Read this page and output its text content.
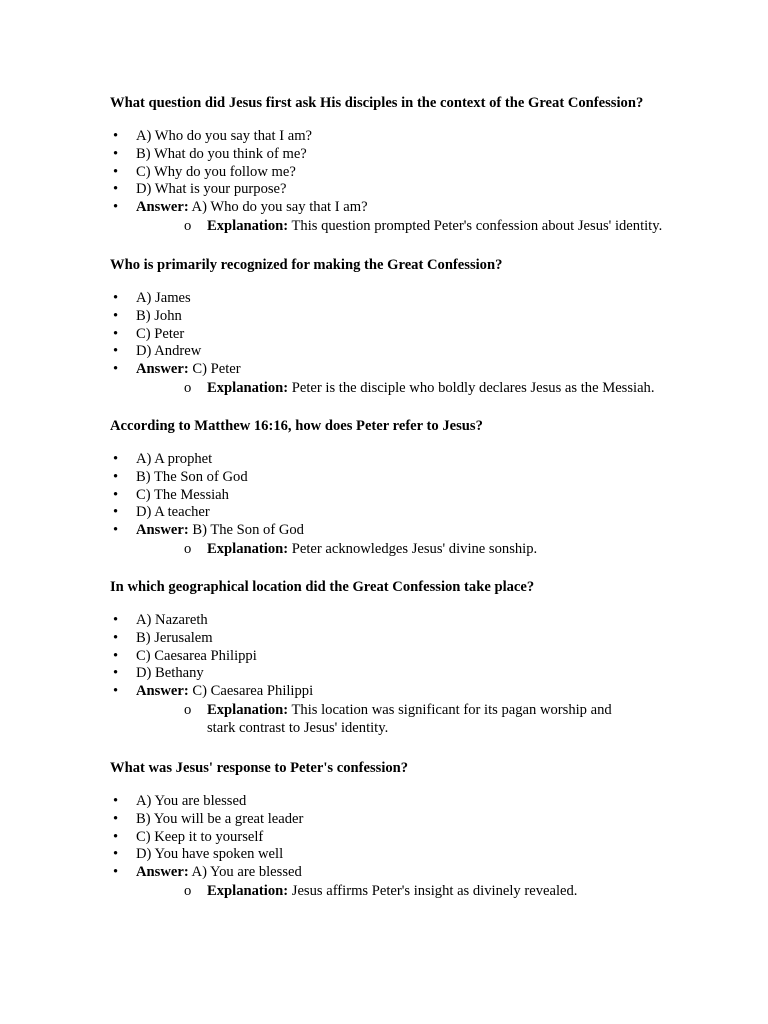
What question did Jesus first ask His disciples in the context of the Great Confession?

• A) Who do you say that I am?
• B) What do you think of me?
• C) Why do you follow me?
• D) What is your purpose?
• Answer: A) Who do you say that I am?
o Explanation: This question prompted Peter's confession about Jesus' identity.

Who is primarily recognized for making the Great Confession?

• A) James
• B) John
• C) Peter
• D) Andrew
• Answer: C) Peter
o Explanation: Peter is the disciple who boldly declares Jesus as the Messiah.

According to Matthew 16:16, how does Peter refer to Jesus?

• A) A prophet
• B) The Son of God
• C) The Messiah
• D) A teacher
• Answer: B) The Son of God
o Explanation: Peter acknowledges Jesus' divine sonship.

In which geographical location did the Great Confession take place?

• A) Nazareth
• B) Jerusalem
• C) Caesarea Philippi
• D) Bethany
• Answer: C) Caesarea Philippi
o Explanation: This location was significant for its pagan worship and stark contrast to Jesus' identity.

What was Jesus' response to Peter's confession?

• A) You are blessed
• B) You will be a great leader
• C) Keep it to yourself
• D) You have spoken well
• Answer: A) You are blessed
o Explanation: Jesus affirms Peter's insight as divinely revealed.
